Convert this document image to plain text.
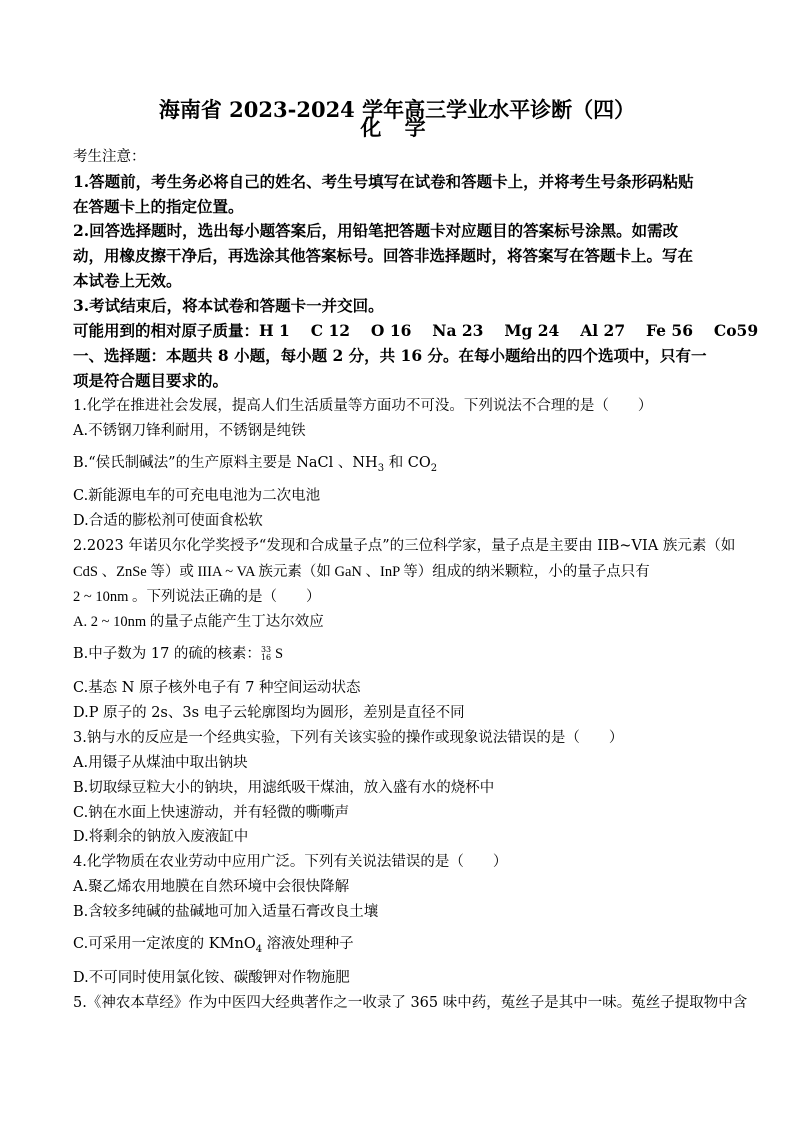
海南省 2023-2024 学年高三学业水平诊断（四）
化 学
考生注意：
1.答题前，考生务必将自己的姓名、考生号填写在试卷和答题卡上，并将考生号条形码粘贴
在答题卡上的指定位置。
2.回答选择题时，选出每小题答案后，用铅笔把答题卡对应题目的答案标号涂黑。如需改
动，用橡皮擦干净后，再选涂其他答案标号。回答非选择题时，将答案写在答题卡上。写在
本试卷上无效。
3.考试结束后，将本试卷和答题卡一并交回。
可能用到的相对原子质量：H 1　 C 12　 O 16　 Na 23　 Mg 24　 Al 27　 Fe 56　 Co59
一、选择题：本题共 8 小题，每小题 2 分，共 16 分。在每小题给出的四个选项中，只有一
项是符合题目要求的。
1.化学在推进社会发展，提高人们生活质量等方面功不可没。下列说法不合理的是（　　）
A.不锈钢刀锋利耐用，不锈钢是纯铁
B.“侯氏制碱法”的生产原料主要是 NaCl 、$NH_3$ 和 $CO_2$
C.新能源电车的可充电电池为二次电池
D.合适的膨松剂可使面食松软
2.2023 年诺贝尔化学奖授予“发现和合成量子点”的三位科学家，量子点是主要由 IIB~VIA 族元素（如
CdS 、ZnSe 等）或 IIIA ~ VA 族元素（如 GaN 、InP 等）组成的纳米颗粒，小的量子点只有
2 ~ 10nm 。下列说法正确的是（　　）
A. 2 ~ 10nm 的量子点能产生丁达尔效应
B.中子数为 17 的硫的核素： 33
16 S
C.基态 N 原子核外电子有 7 种空间运动状态
D.P 原子的 2s、3s 电子云轮廓图均为圆形，差别是直径不同
3.钠与水的反应是一个经典实验，下列有关该实验的操作或现象说法错误的是（　　）
A.用镊子从煤油中取出钠块
B.切取绿豆粒大小的钠块，用滤纸吸干煤油，放入盛有水的烧杯中
C.钠在水面上快速游动，并有轻微的嘶嘶声
D.将剩余的钠放入废液缸中
4.化学物质在农业劳动中应用广泛。下列有关说法错误的是（　　）
A.聚乙烯农用地膜在自然环境中会很快降解
B.含较多纯碱的盐碱地可加入适量石膏改良土壤
C.可采用一定浓度的 KMnO$_4$ 溶液处理种子
D.不可同时使用氯化铵、碳酸钾对作物施肥
5.《神农本草经》作为中医四大经典著作之一收录了 365 味中药，菟丝子是其中一味。菟丝子提取物中含
